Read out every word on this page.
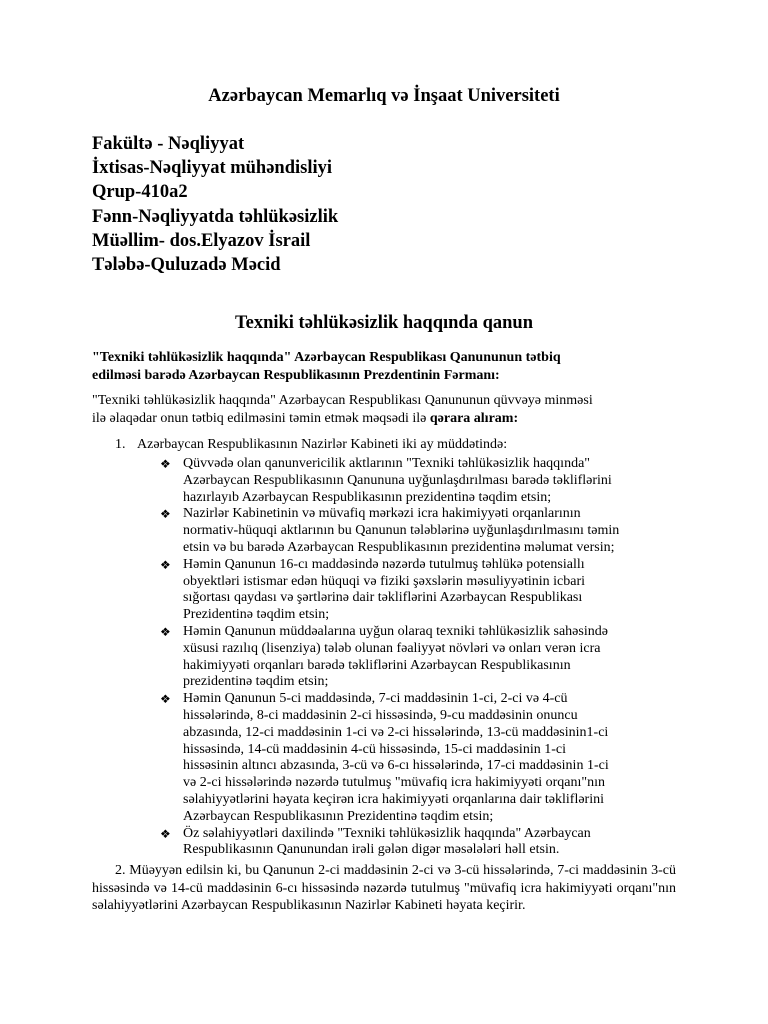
Azərbaycan Memarlıq və İnşaat Universiteti
Fakültə - Nəqliyyat
İxtisas-Nəqliyyat mühəndisliyi
Qrup-410a2
Fənn-Nəqliyyatda təhlükəsizlik
Müəllim- dos.Elyazov İsrail
Tələbə-Quluzadə Məcid
Texniki təhlükəsizlik haqqında qanun
"Texniki təhlükəsizlik haqqında" Azərbaycan Respublikası Qanununun tətbiq
edilməsi barədə Azərbaycan Respublikasının Prezdentinin Fərmanı:
"Texniki təhlükəsizlik haqqında" Azərbaycan Respublikası Qanununun qüvvəyə minməsi
ilə əlaqədar onun tətbiq edilməsini təmin etmək məqsədi ilə qərara alıram:
1. Azərbaycan Respublikasının Nazirlər Kabineti iki ay müddətində:
❖ Qüvvədə olan qanunvericilik aktlarının "Texniki təhlükəsizlik haqqında"
Azərbaycan Respublikasının Qanununa uyğunlaşdırılması barədə təkliflərini
hazırlayıb Azərbaycan Respublikasının prezidentinə təqdim etsin;
❖ Nazirlər Kabinetinin və müvafiq mərkəzi icra hakimiyyəti orqanlarının
normativ-hüquqi aktlarının bu Qanunun tələblərinə uyğunlaşdırılmasını təmin
etsin və bu barədə Azərbaycan Respublikasının prezidentinə məlumat versin;
❖ Həmin Qanunun 16-cı maddəsində nəzərdə tutulmuş təhlükə potensiallı
obyektləri istismar edən hüquqi və fiziki şəxslərin məsuliyyətinin icbari
sığortası qaydası və şərtlərinə dair təkliflərini Azərbaycan Respublikası
Prezidentinə təqdim etsin;
❖ Həmin Qanunun müddəalarına uyğun olaraq texniki təhlükəsizlik sahəsində
xüsusi razılıq (lisenziya) tələb olunan fəaliyyət növləri və onları verən icra
hakimiyyəti orqanları barədə təkliflərini Azərbaycan Respublikasının
prezidentinə təqdim etsin;
❖ Həmin Qanunun 5-ci maddəsində, 7-ci maddəsinin 1-ci, 2-ci və 4-cü
hissələrində, 8-ci maddəsinin 2-ci hissəsində, 9-cu maddəsinin onuncu
abzasında, 12-ci maddəsinin 1-ci və 2-ci hissələrində, 13-cü maddəsinin1-ci
hissəsində, 14-cü maddəsinin 4-cü hissəsində, 15-ci maddəsinin 1-ci
hissəsinin altıncı abzasında, 3-cü və 6-cı hissələrində, 17-ci maddəsinin 1-ci
və 2-ci hissələrində nəzərdə tutulmuş "müvafiq icra hakimiyyəti orqanı"nın
səlahiyyətlərini həyata keçirən icra hakimiyyəti orqanlarına dair təkliflərini
Azərbaycan Respublikasının Prezidentinə təqdim etsin;
❖ Öz səlahiyyətləri daxilində "Texniki təhlükəsizlik haqqında" Azərbaycan
Respublikasının Qanunundan irəli gələn digər məsələləri həll etsin.
2. Müəyyən edilsin ki, bu Qanunun 2-ci maddəsinin 2-ci və 3-cü hissələrində, 7-ci maddəsinin 3-cü hissəsində və 14-cü maddəsinin 6-cı hissəsində nəzərdə tutulmuş "müvafiq icra hakimiyyəti orqanı"nın səlahiyyətlərini Azərbaycan Respublikasının Nazirlər Kabineti həyata keçirir.
